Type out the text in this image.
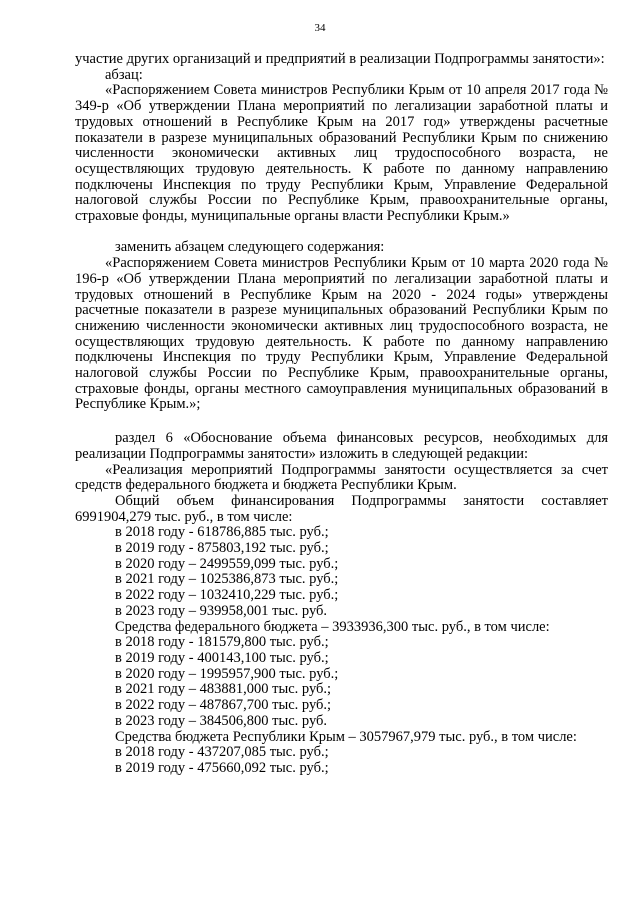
34

участие других организаций и предприятий в реализации Подпрограммы занятости»:

абзац:

«Распоряжением Совета министров Республики Крым от 10 апреля 2017 года № 349-р «Об утверждении Плана мероприятий по легализации заработной платы и трудовых отношений в Республике Крым на 2017 год» утверждены расчетные показатели в разрезе муниципальных образований Республики Крым по снижению численности экономически активных лиц трудоспособного возраста, не осуществляющих трудовую деятельность. К работе по данному направлению подключены Инспекция по труду Республики Крым, Управление Федеральной налоговой службы России по Республике Крым, правоохранительные органы, страховые фонды, муниципальные органы власти Республики Крым.»

заменить абзацем следующего содержания:

«Распоряжением Совета министров Республики Крым от 10 марта 2020 года № 196-р «Об утверждении Плана мероприятий по легализации заработной платы и трудовых отношений в Республике Крым на 2020 - 2024 годы» утверждены расчетные показатели в разрезе муниципальных образований Республики Крым по снижению численности экономически активных лиц трудоспособного возраста, не осуществляющих трудовую деятельность. К работе по данному направлению подключены Инспекция по труду Республики Крым, Управление Федеральной налоговой службы России по Республике Крым, правоохранительные органы, страховые фонды, органы местного самоуправления муниципальных образований в Республике Крым.»;

раздел 6 «Обоснование объема финансовых ресурсов, необходимых для реализации Подпрограммы занятости» изложить в следующей редакции:

«Реализация мероприятий Подпрограммы занятости осуществляется за счет средств федерального бюджета и бюджета Республики Крым.

Общий объем финансирования Подпрограммы занятости составляет 6991904,279 тыс. руб., в том числе:

в 2018 году - 618786,885 тыс. руб.;

в 2019 году - 875803,192 тыс. руб.;

в 2020 году – 2499559,099 тыс. руб.;

в 2021 году – 1025386,873 тыс. руб.;

в 2022 году – 1032410,229 тыс. руб.;

в 2023 году – 939958,001 тыс. руб.

Средства федерального бюджета – 3933936,300 тыс. руб., в том числе:

в 2018 году - 181579,800 тыс. руб.;

в 2019 году - 400143,100 тыс. руб.;

в 2020 году – 1995957,900 тыс. руб.;

в 2021 году – 483881,000 тыс. руб.;

в 2022 году – 487867,700 тыс. руб.;

в 2023 году – 384506,800 тыс. руб.

Средства бюджета Республики Крым – 3057967,979 тыс. руб., в том числе:

в 2018 году - 437207,085 тыс. руб.;

в 2019 году - 475660,092 тыс. руб.;
